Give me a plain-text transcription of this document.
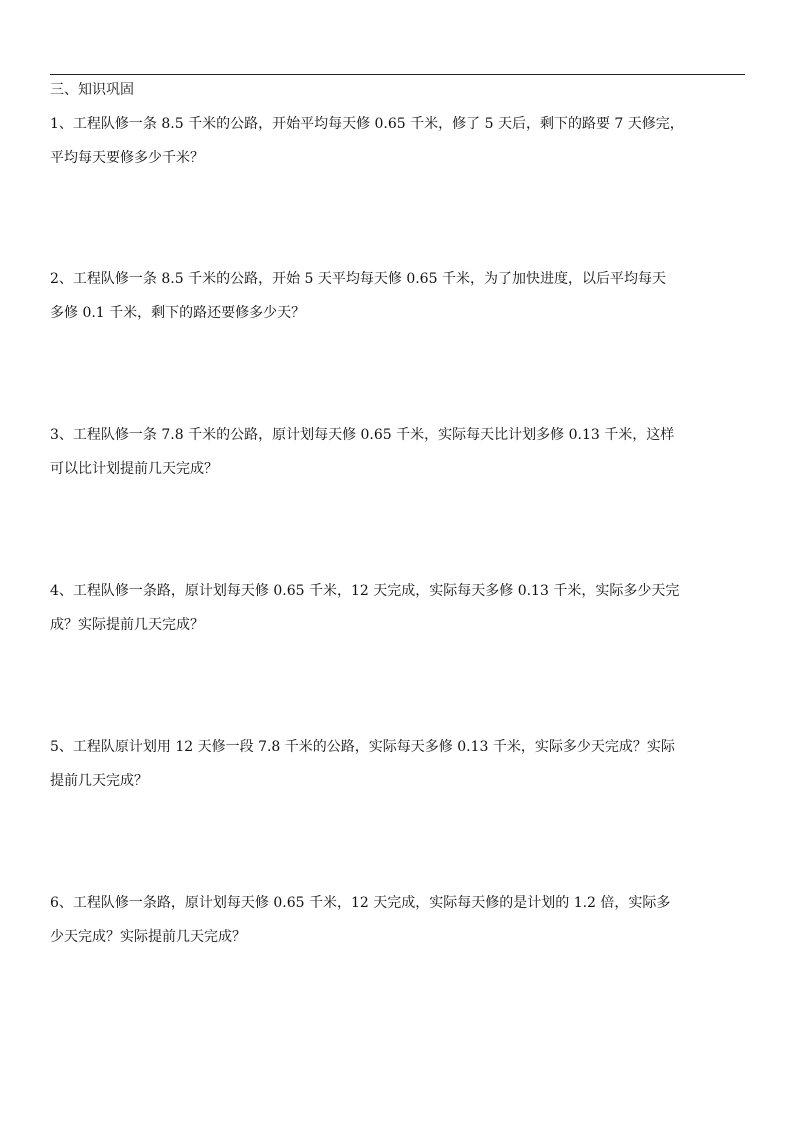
三、知识巩固
1、工程队修一条 8.5 千米的公路，开始平均每天修 0.65 千米，修了 5 天后，剩下的路要 7 天修完，
平均每天要修多少千米？
2、工程队修一条 8.5 千米的公路，开始 5 天平均每天修 0.65 千米，为了加快进度，以后平均每天
多修 0.1 千米，剩下的路还要修多少天？
3、工程队修一条 7.8 千米的公路，原计划每天修 0.65 千米，实际每天比计划多修 0.13 千米，这样
可以比计划提前几天完成？
4、工程队修一条路，原计划每天修 0.65 千米，12 天完成，实际每天多修 0.13 千米，实际多少天完
成？实际提前几天完成？
5、工程队原计划用 12 天修一段 7.8 千米的公路，实际每天多修 0.13 千米，实际多少天完成？实际
提前几天完成？
6、工程队修一条路，原计划每天修 0.65 千米，12 天完成，实际每天修的是计划的 1.2 倍，实际多
少天完成？实际提前几天完成？
